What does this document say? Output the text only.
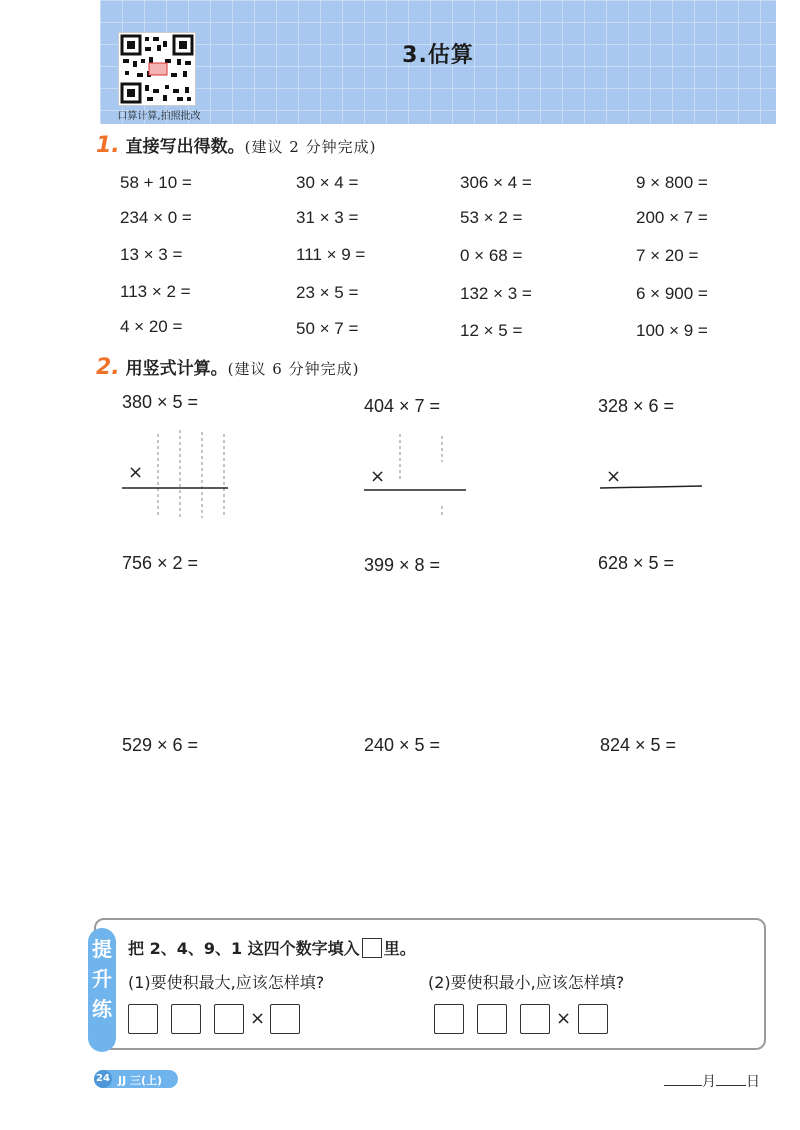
3.估算
口算计算,拍照批改
1. 直接写出得数。(建议 2 分钟完成)
58 + 10 =	30 × 4 =	306 × 4 =	9 × 800 =
234 × 0 =	31 × 3 =	53 × 2 =	200 × 7 =
13 × 3 =	111 × 9 =	0 × 68 =	7 × 20 =
113 × 2 =	23 × 5 =	132 × 3 =	6 × 900 =
4 × 20 =	50 × 7 =	12 × 5 =	100 × 9 =
2. 用竖式计算。(建议 6 分钟完成)
380 × 5 =	404 × 7 =	328 × 6 =
×	×	×
756 × 2 =	399 × 8 =	628 × 5 =
529 × 6 =	240 × 5 =	824 × 5 =
提
升
练
把 2、4、9、1 这四个数字填入 里。
(1)要使积最大,应该怎样填?	(2)要使积最小,应该怎样填?
×	×
24 JJ 三(上)	月 日
